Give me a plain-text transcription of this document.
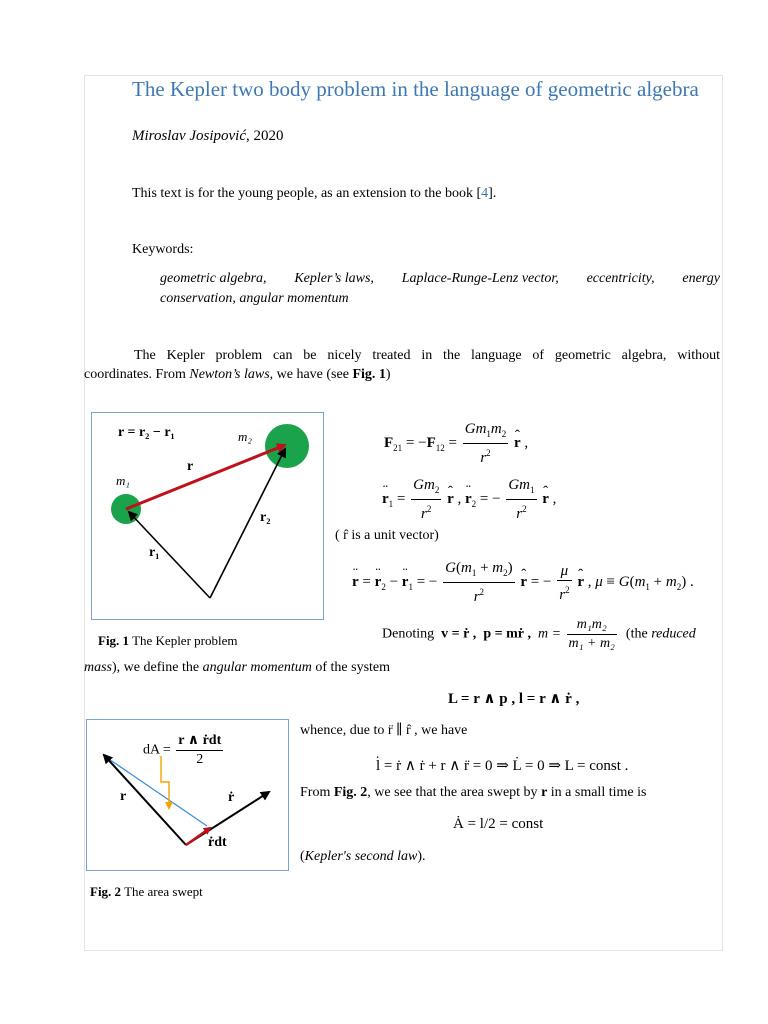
The Kepler two body problem in the language of geometric algebra
Miroslav Josipović, 2020
This text is for the young people, as an extension to the book [4].
Keywords:
geometric algebra, Kepler’s laws, Laplace-Runge-Lenz vector, eccentricity, energy
conservation, angular momentum
The Kepler problem can be nicely treated in the language of geometric algebra, without
coordinates. From Newton’s laws, we have (see Fig. 1)
r = r₂ − r₁	m₂
m₁
r
r₁
r₂
Fig. 1 The Kepler problem
$F_{21} = -F_{12} = \frac{Gm_1m_2}{r^2}$ r ˆ ,
r $¨_1 = \frac{Gm_2}{r^2}$ r ˆ , r $¨_2$ = − $\frac{Gm_1}{r^2}$ r ˆ ,
( r̂ is a unit vector)
r ¨ = r $¨_2 - r$ $¨_1$ = − $\frac{G(m_1 + m_2)}{r^2}$ r ˆ = − $\frac{\mu}{r^2}$ r ˆ , $\mu \equiv G(m_1 + m_2)$ .
Denoting v = ṙ , p = mṙ , $m = \frac{\text{m₁m₂}}{\text{m₁ + m₂}} (the$ reduced
mass), we define the angular momentum of the system
L = r ∧ p , l = r ∧ ṙ ,
dA = $\frac{\text{r ∧ ṙdt}}{2}$
r	ṙ
ṙdt
Fig. 2 The area swept
whence, due to r̈ ∥ r̂ , we have
l̇ = ṙ ∧ ṙ + r ∧ r̈ = 0 ⇒ L̇ = 0 ⇒ L = const .
From Fig. 2, we see that the area swept by r in a small time is
Ȧ = l/2 = const
(Kepler's second law).
